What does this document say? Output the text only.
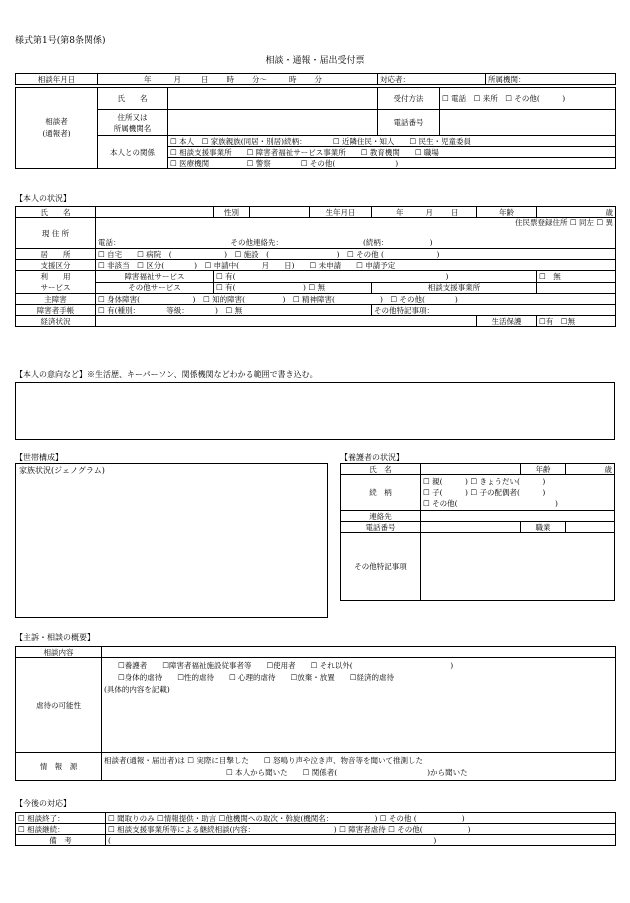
様式第1号(第8条関係)
相談・通報・届出受付票
相談年月日	年	月	日 時 分〜	時 分	対応者：	所属機関：
相談者
(通報者)	氏　　名		受付方法	☐ 電話　☐ 来所　☐ その他(　　　)
	住所又は
所属機関名		電話番号	
	本人との関係	☐ 本人　☐ 家族親族(同居・別居)続柄：　　　　☐ 近隣住民・知人　　☐ 民生・児童委員		
		☐ 相談支援事業所　　☐ 障害者福祉サービス事業所　　☐ 教育機関　　☐ 職場		
		☐ 医療機関　　　　　☐ 警察　　　　☐ その他(　　　　　　　　)		
【本人の状況】
氏　　名		性別		生年月日	年 月 日	年齢	歳
現 住 所	住民票登録住所 ☐ 同左 ☐ 異

電話： その他連絡先： (続柄：　　　　　　)						

居　　所	☐ 自宅　　☐ 病院　(　　　　　　　)　☐ 施設　(　　　　　　　　　)　☐ その他 (　　　　　　　)						
支援区分	☐ 非該当　☐ 区分(　　　　)　☐ 申請中(　　　月　　日)　　☐ 未申請　　☐ 申請予定						
利　　用
サービス	障害福祉サービス	☐ 有(　　　　　　　　　　　　　　　　　　　　　　　　　　　　)					☐　無
	その他サービス	☐ 有(　　　　　　　　　) ☐ 無			相談支援事業所		
主障害	☐ 身体障害(　　　　　　　)　☐ 知的障害(　　　　　)　☐ 精神障害(　　　　　　)　☐ その他(　　　　)						
障害者手帳	☐ 有(種別：　　　　等級：　　　　)　☐ 無				その他特記事項：		
経済状況						生活保護	☐有　 ☐無
【本人の意向など】※生活歴、キーパーソン、関係機関などわかる範囲で書き込む。
【世帯構成】
家族状況(ジェノグラム)
【養護者の状況】
氏　名		年齢	歳
続　柄	☐ 親(　　　) ☐ きょうだい(　　　)
☐ 子(　　　) ☐ 子の配偶者(　　　)
☐ その他(　　　　　　　　　　　　　)		

連絡先			
電話番号		職業	
その他特記事項			
【主訴・相談の概要】
相談内容	
虐待の可能性	☐養護者　　☐障害者福祉施設従事者等　　☐使用者　　☐ それ以外(　　　　　　　　　　　　　)
☐身体的虐待　　☐性的虐待　　☐ 心理的虐待　　☐放棄・放置　　☐経済的虐待
(具体的内容を記載)

情　報　源	相談者(通報・届出者)は ☐ 実際に目撃した　　☐ 怒鳴り声や泣き声、物音等を聞いて推測した
☐ 本人から聞いた　　☐ 関係者(　　　　　　　　　　　　)から聞いた
【今後の対応】
☐ 相談終了：	☐ 聞取りのみ ☐情報提供・助言 ☐他機関への取次・斡旋(機関名：　　　　　　) ☐ その他 (　　　　　　)
☐ 相談継続：	☐ 相談支援事業所等による継続相談(内容：　　　　　　　　　　　) ☐ 障害者虐待 ☐ その他(　　　　　　)
備　考	(　　　　　　　　　　　　　　　　　　　　　　　　　　　　　　　　　　　　　　　　　　　)
